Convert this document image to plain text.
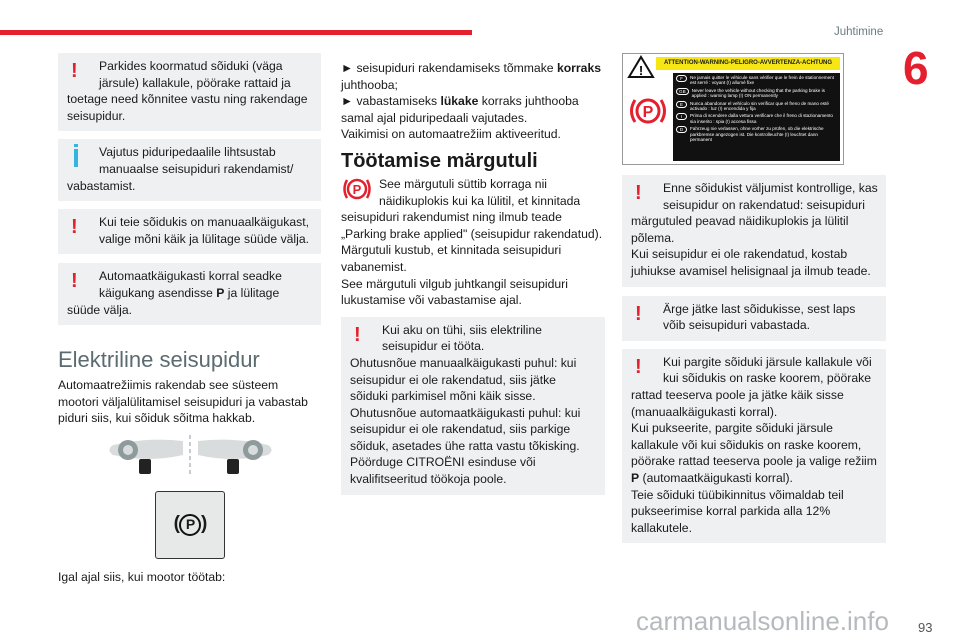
Juhtimine
6
!	Parkides koormatud sõiduki (väga järsule) kallakule, pöörake rattaid ja toetage need kõnnitee vastu ning rakendage seisupidur.

Vajutus piduripedaalile lihtsustab manuaalse seisupiduri rakendamist/ vabastamist.

!	Kui teie sõidukis on manuaalkäigukast, valige mõni käik ja lülitage süüde välja.

!	Automaatkäigukasti korral seadke käigukang asendisse P ja lülitage süüde välja.

Elektriline seisupidur

Automaatrežiimis rakendab see süsteem mootori väljalülitamisel seisupiduri ja vabastab piduri siis, kui sõiduk sõitma hakkab.

( P )

Igal ajal siis, kui mootor töötab:

► seisupiduri rakendamiseks tõmmake korraks juhthooba;

► vabastamiseks lükake korraks juhthooba samal ajal piduripedaali vajutades.

Vaikimisi on automaatrežiim aktiveeritud.

Töötamise märgutuli
P	See märgutuli süttib korraga nii näidikuplokis kui ka lülitil, et kinnitada seisupiduri rakendumist ning ilmub teade „Parking brake applied" (seisupidur rakendatud).

Märgutuli kustub, et kinnitada seisupiduri vabanemist.

See märgutuli vilgub juhtkangil seisupiduri lukustamise või vabastamise ajal.

!	Kui aku on tühi, siis elektriline seisupidur ei tööta.

Ohutusnõue manuaalkäigukasti puhul: kui seisupidur ei ole rakendatud, siis jätke sõiduki parkimisel mõni käik sisse.

Ohutusnõue automaatkäigukasti puhul: kui seisupidur ei ole rakendatud, siis parkige sõiduk, asetades ühe ratta vastu tõkisking.

Pöörduge CITROËNI esinduse või kvalifitseeritud töökoja poole.

!	ATTENTION-WARNING-PELIGRO-AVVERTENZA-ACHTUNG
P
F	Ne jamais quitter le véhicule sans vérifier que le frein de stationnement est serré : voyant (!) allumé fixe
GB	Never leave the vehicle without checking that the parking brake is applied : warning lamp (!) ON permanently
E	Nunca abandonar el vehículo sin verificar que el freno de mano esté activado : luz (!) encendida y fija
I	Prima di scendere dalla vettura verificare che il freno di stazionamento sia inserito : spia (!) accesa fissa
D	Fahrzeug nie verlassen, ohne vorher zu prüfen, ob die elektrische parkbremse angezogen ist. Die kontrolleuchte (!) leuchtet dann permanent
!	Enne sõidukist väljumist kontrollige, kas seisupidur on rakendatud: seisupiduri märgutuled peavad näidikuplokis ja lülitil põlema.

Kui seisupidur ei ole rakendatud, kostab juhiukse avamisel helisignaal ja ilmub teade.

!	Ärge jätke last sõidukisse, sest laps võib seisupiduri vabastada.

!	Kui pargite sõiduki järsule kallakule või kui sõidukis on raske koorem, pöörake rattad teeserva poole ja jätke käik sisse (manuaalkäigukasti korral).

Kui pukseerite, pargite sõiduki järsule kallakule või kui sõidukis on raske koorem, pöörake rattad teeserva poole ja valige režiim
P (automaatkäigukasti korral).

Teie sõiduki tüübikinnitus võimaldab teil pukseerimise korral parkida alla 12% kallakutele.

93
carmanualsonline.info
